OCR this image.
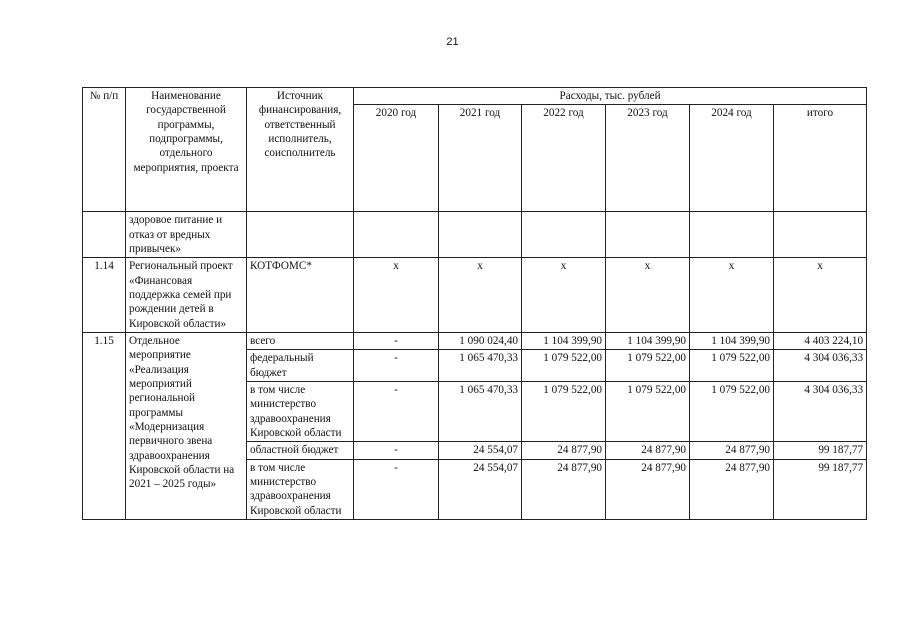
21
№ п/п	Наименование государственной программы, подпрограммы, отдельного мероприятия, проекта	Источник финансирования, ответственный исполнитель, соисполнитель	Расходы, тыс. рублей					
			2020 год	2021 год	2022 год	2023 год	2024 год	итого
	здоровое питание и отказ от вредных привычек»							
1.14	Региональный проект «Финансовая поддержка семей при рождении детей в Кировской области»	КОТФОМС*	х	х	х	х	х	х
1.15	Отдельное мероприятие «Реализация мероприятий региональной программы «Модернизация первичного звена здравоохранения Кировской области на 2021 – 2025 годы»	всего	-	1 090 024,40	1 104 399,90	1 104 399,90	1 104 399,90	4 403 224,10
		федеральный бюджет	-	1 065 470,33	1 079 522,00	1 079 522,00	1 079 522,00	4 304 036,33
		в том числе министерство здравоохранения Кировской области	-	1 065 470,33	1 079 522,00	1 079 522,00	1 079 522,00	4 304 036,33
		областной бюджет	-	24 554,07	24 877,90	24 877,90	24 877,90	99 187,77
		в том числе министерство здравоохранения Кировской области	-	24 554,07	24 877,90	24 877,90	24 877,90	99 187,77
